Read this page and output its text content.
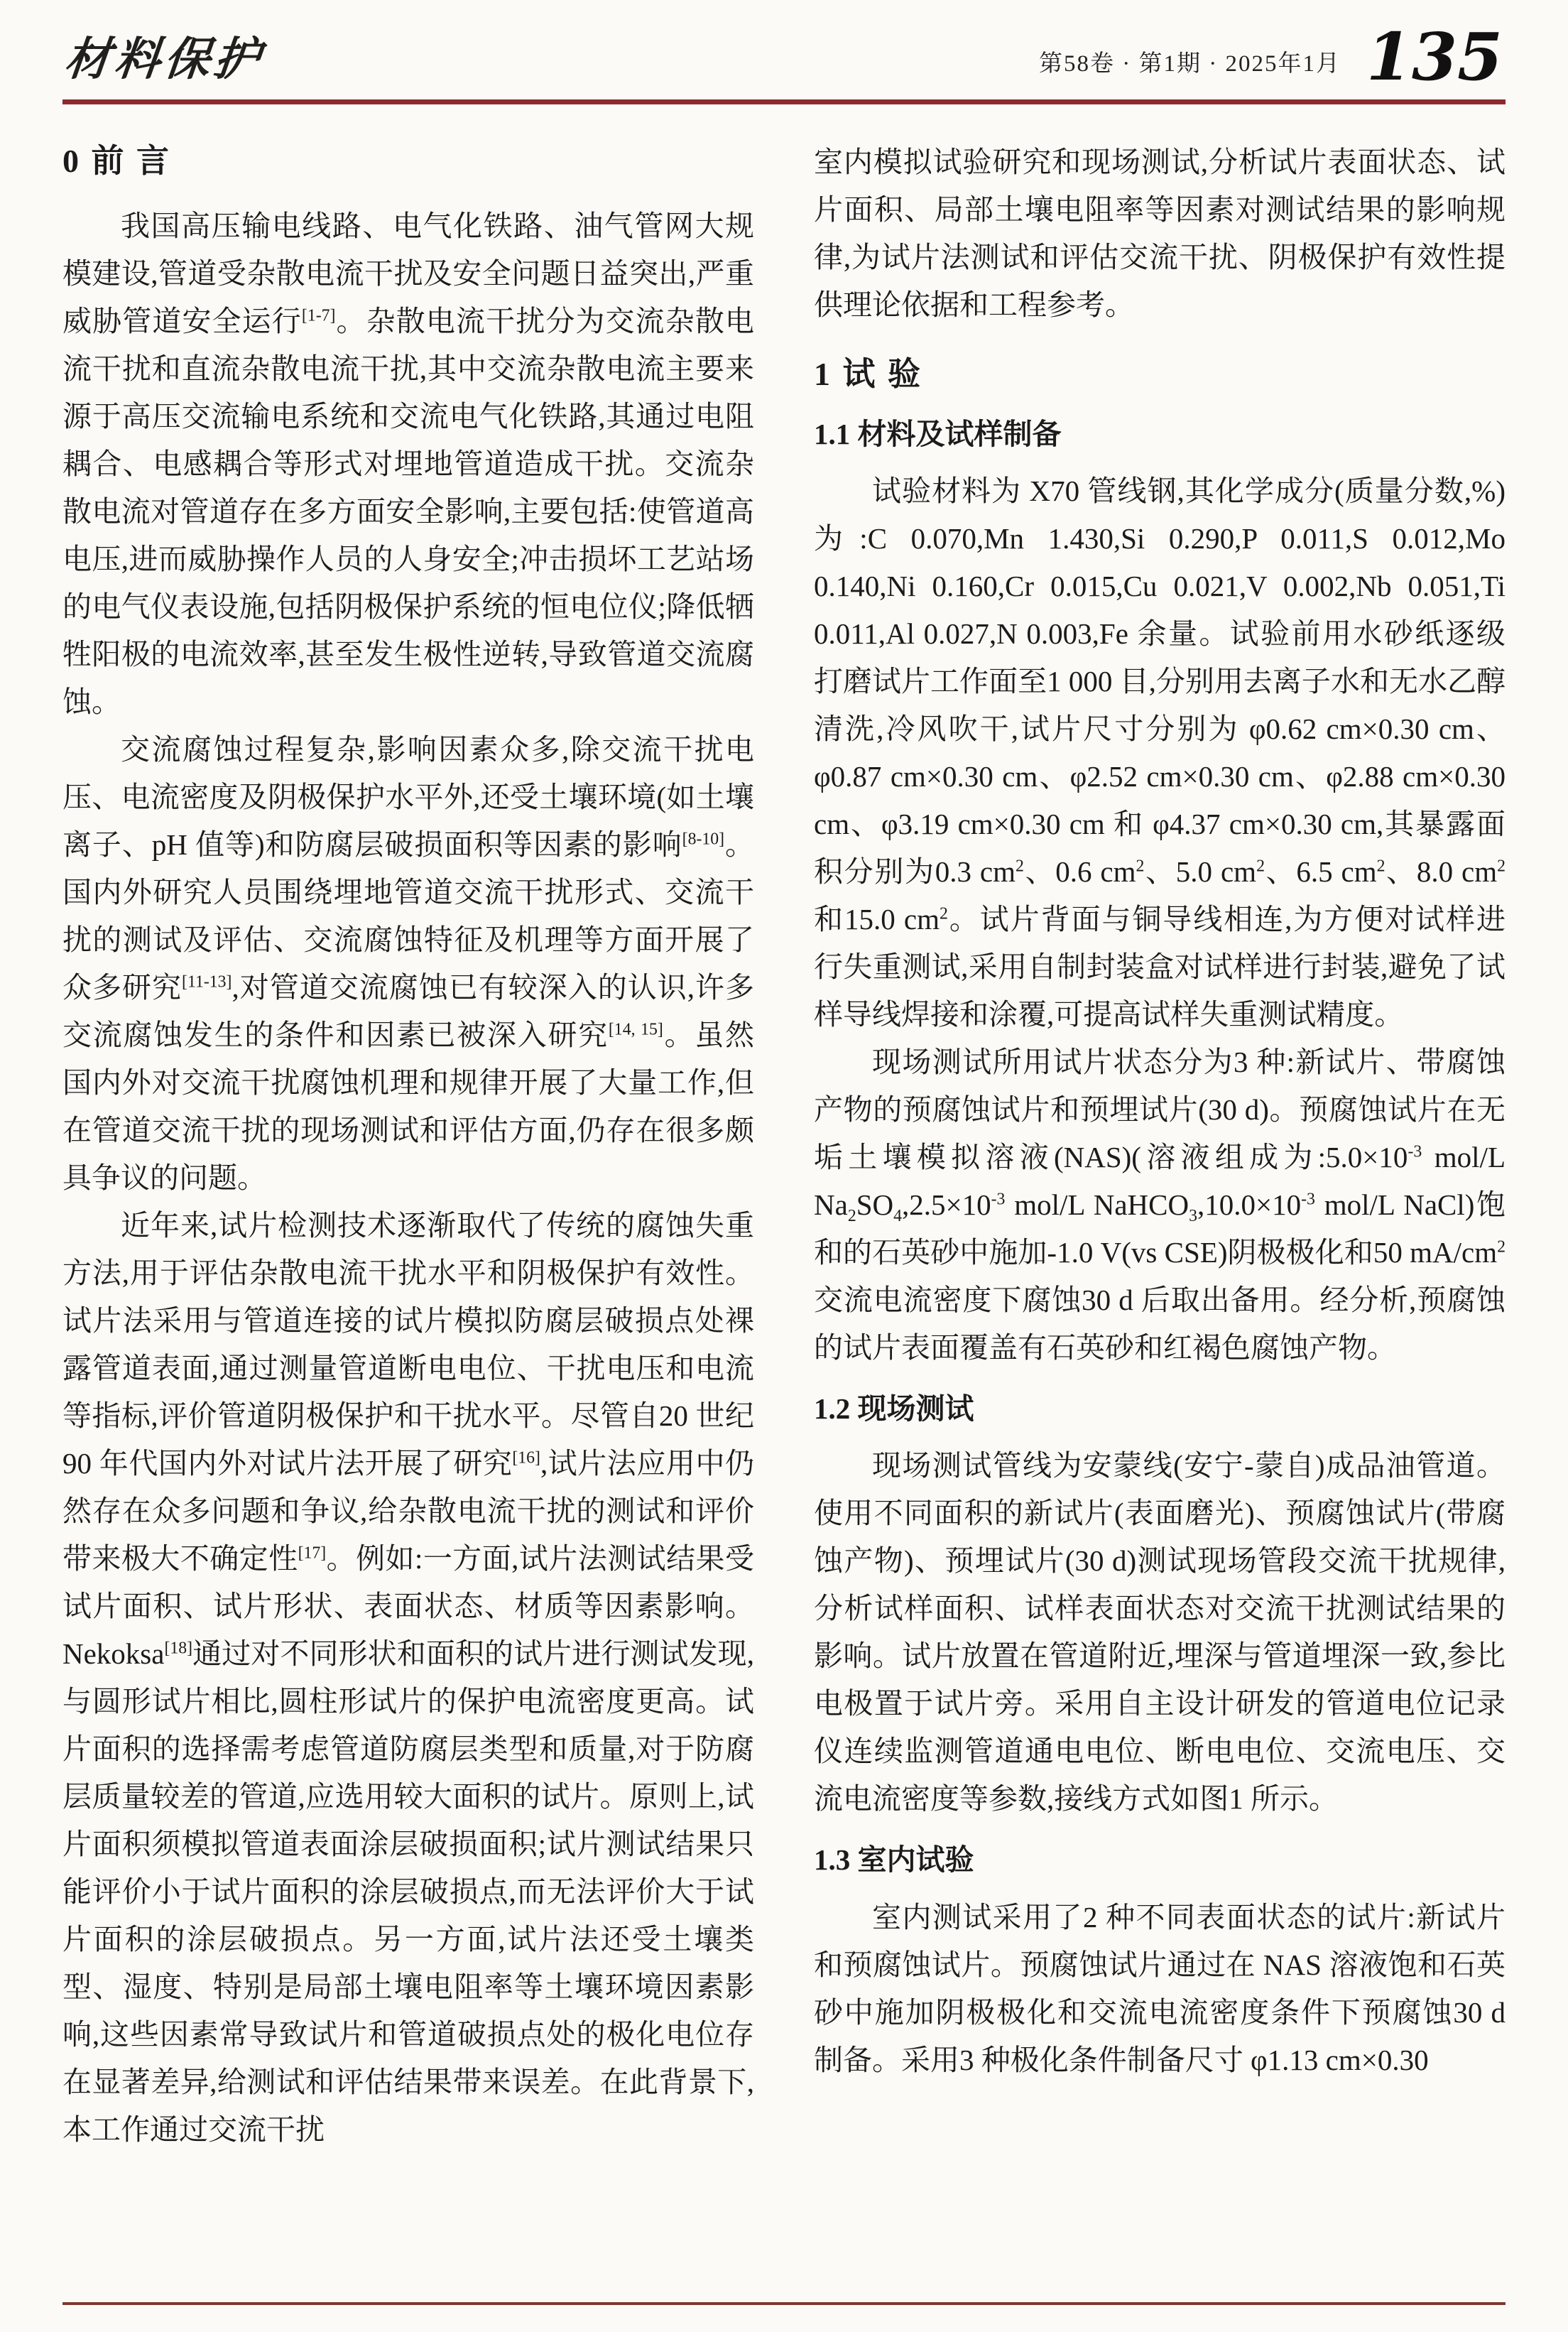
材料保护	第58卷 · 第1期 · 2025年1月 135
0 前 言

我国高压输电线路、电气化铁路、油气管网大规模建设,管道受杂散电流干扰及安全问题日益突出,严重威胁管道安全运行[1-7]。杂散电流干扰分为交流杂散电流干扰和直流杂散电流干扰,其中交流杂散电流主要来源于高压交流输电系统和交流电气化铁路,其通过电阻耦合、电感耦合等形式对埋地管道造成干扰。交流杂散电流对管道存在多方面安全影响,主要包括:使管道高电压,进而威胁操作人员的人身安全;冲击损坏工艺站场的电气仪表设施,包括阴极保护系统的恒电位仪;降低牺牲阳极的电流效率,甚至发生极性逆转,导致管道交流腐蚀。

交流腐蚀过程复杂,影响因素众多,除交流干扰电压、电流密度及阴极保护水平外,还受土壤环境(如土壤离子、pH 值等)和防腐层破损面积等因素的影响[8-10]。国内外研究人员围绕埋地管道交流干扰形式、交流干扰的测试及评估、交流腐蚀特征及机理等方面开展了众多研究[11-13],对管道交流腐蚀已有较深入的认识,许多交流腐蚀发生的条件和因素已被深入研究[14, 15]。虽然国内外对交流干扰腐蚀机理和规律开展了大量工作,但在管道交流干扰的现场测试和评估方面,仍存在很多颇具争议的问题。

近年来,试片检测技术逐渐取代了传统的腐蚀失重方法,用于评估杂散电流干扰水平和阴极保护有效性。试片法采用与管道连接的试片模拟防腐层破损点处裸露管道表面,通过测量管道断电电位、干扰电压和电流等指标,评价管道阴极保护和干扰水平。尽管自20 世纪90 年代国内外对试片法开展了研究[16],试片法应用中仍然存在众多问题和争议,给杂散电流干扰的测试和评价带来极大不确定性[17]。例如:一方面,试片法测试结果受试片面积、试片形状、表面状态、材质等因素影响。Nekoksa[18]通过对不同形状和面积的试片进行测试发现,与圆形试片相比,圆柱形试片的保护电流密度更高。试片面积的选择需考虑管道防腐层类型和质量,对于防腐层质量较差的管道,应选用较大面积的试片。原则上,试片面积须模拟管道表面涂层破损面积;试片测试结果只能评价小于试片面积的涂层破损点,而无法评价大于试片面积的涂层破损点。另一方面,试片法还受土壤类型、湿度、特别是局部土壤电阻率等土壤环境因素影响,这些因素常导致试片和管道破损点处的极化电位存在显著差异,给测试和评估结果带来误差。在此背景下,本工作通过交流干扰

室内模拟试验研究和现场测试,分析试片表面状态、试片面积、局部土壤电阻率等因素对测试结果的影响规律,为试片法测试和评估交流干扰、阴极保护有效性提供理论依据和工程参考。

1 试 验
1.1 材料及试样制备

试验材料为 X70 管线钢,其化学成分(质量分数,%)为:C 0.070,Mn 1.430,Si 0.290,P 0.011,S 0.012,Mo 0.140,Ni 0.160,Cr 0.015,Cu 0.021,V 0.002,Nb 0.051,Ti 0.011,Al 0.027,N 0.003,Fe 余量。试验前用水砂纸逐级打磨试片工作面至1 000 目,分别用去离子水和无水乙醇清洗,冷风吹干,试片尺寸分别为 φ0.62 cm×0.30 cm、φ0.87 cm×0.30 cm、φ2.52 cm×0.30 cm、φ2.88 cm×0.30 cm、φ3.19 cm×0.30 cm 和 φ4.37 cm×0.30 cm,其暴露面积分别为0.3 $cm^2$、0.6 $cm^2$、5.0 $cm^2$、6.5 $cm^2$、8.0 $cm^2$ 和15.0 $cm^2$。试片背面与铜导线相连,为方便对试样进行失重测试,采用自制封装盒对试样进行封装,避免了试样导线焊接和涂覆,可提高试样失重测试精度。

现场测试所用试片状态分为3 种:新试片、带腐蚀产物的预腐蚀试片和预埋试片(30 d)。预腐蚀试片在无垢土壤模拟溶液(NAS)(溶液组成为$:5.0\times 10^{-3}$ mol/L $Na_2SO_4,2.5\times 10^{-3}$ mol/L $NaHCO_3,10.0\times 10^{-3}$ mol/L NaCl)饱和的石英砂中施加-1.0 V(vs CSE)阴极极化和50 $mA/cm^2$交流电流密度下腐蚀30 d 后取出备用。经分析,预腐蚀的试片表面覆盖有石英砂和红褐色腐蚀产物。

1.2 现场测试

现场测试管线为安蒙线(安宁-蒙自)成品油管道。使用不同面积的新试片(表面磨光)、预腐蚀试片(带腐蚀产物)、预埋试片(30 d)测试现场管段交流干扰规律,分析试样面积、试样表面状态对交流干扰测试结果的影响。试片放置在管道附近,埋深与管道埋深一致,参比电极置于试片旁。采用自主设计研发的管道电位记录仪连续监测管道通电电位、断电电位、交流电压、交流电流密度等参数,接线方式如图1 所示。

1.3 室内试验

室内测试采用了2 种不同表面状态的试片:新试片和预腐蚀试片。预腐蚀试片通过在 NAS 溶液饱和石英砂中施加阴极极化和交流电流密度条件下预腐蚀30 d 制备。采用3 种极化条件制备尺寸 φ1.13 cm×0.30
